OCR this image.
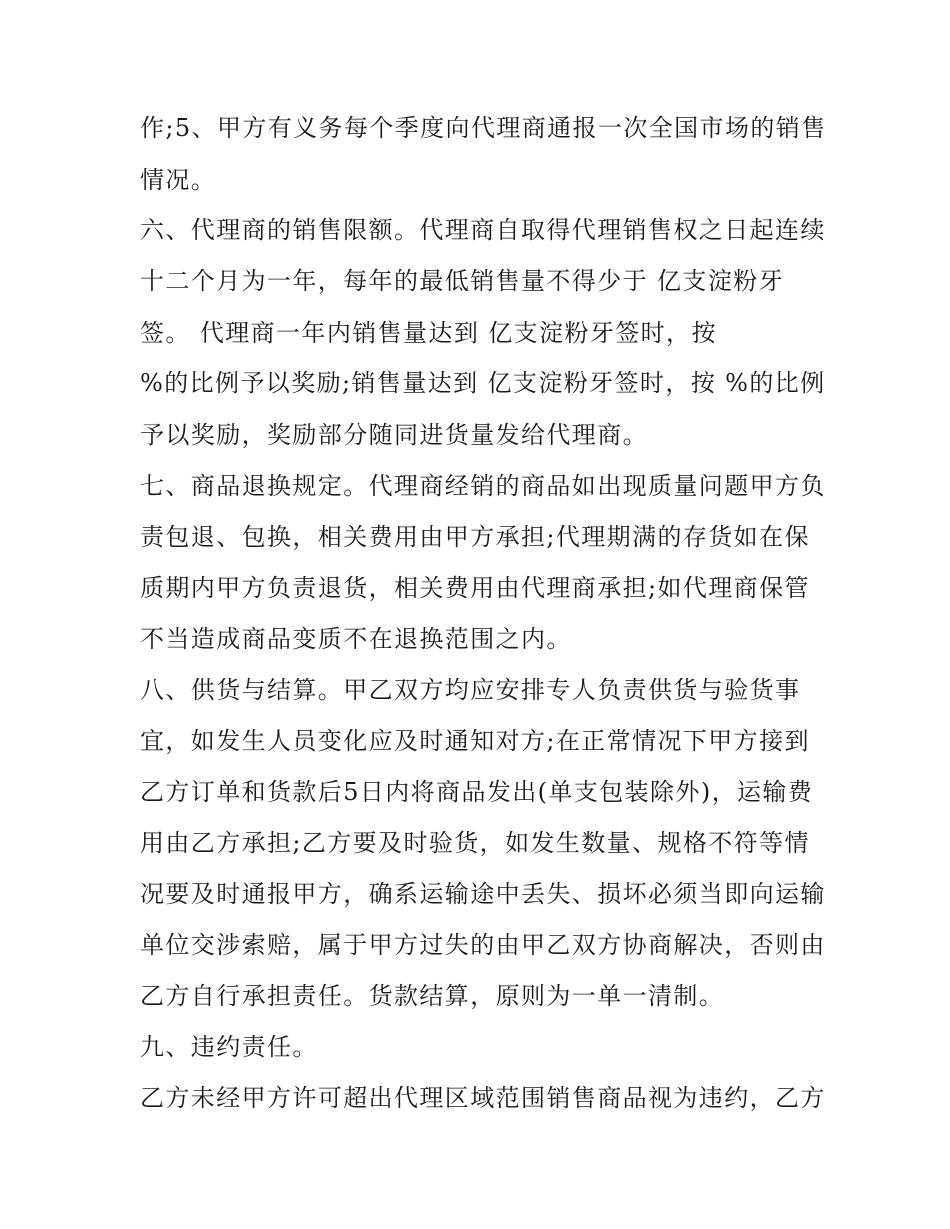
作;5、甲方有义务每个季度向代理商通报一次全国市场的销售
情况。
六、代理商的销售限额。代理商自取得代理销售权之日起连续
十二个月为一年，每年的最低销售量不得少于 亿支淀粉牙
签。 代理商一年内销售量达到 亿支淀粉牙签时，按
%的比例予以奖励;销售量达到 亿支淀粉牙签时，按 %的比例
予以奖励，奖励部分随同进货量发给代理商。
七、商品退换规定。代理商经销的商品如出现质量问题甲方负
责包退、包换，相关费用由甲方承担;代理期满的存货如在保
质期内甲方负责退货，相关费用由代理商承担;如代理商保管
不当造成商品变质不在退换范围之内。
八、供货与结算。甲乙双方均应安排专人负责供货与验货事
宜，如发生人员变化应及时通知对方;在正常情况下甲方接到
乙方订单和货款后5日内将商品发出(单支包装除外)，运输费
用由乙方承担;乙方要及时验货，如发生数量、规格不符等情
况要及时通报甲方，确系运输途中丢失、损坏必须当即向运输
单位交涉索赔，属于甲方过失的由甲乙双方协商解决，否则由
乙方自行承担责任。货款结算，原则为一单一清制。
九、违约责任。
乙方未经甲方许可超出代理区域范围销售商品视为违约，乙方
